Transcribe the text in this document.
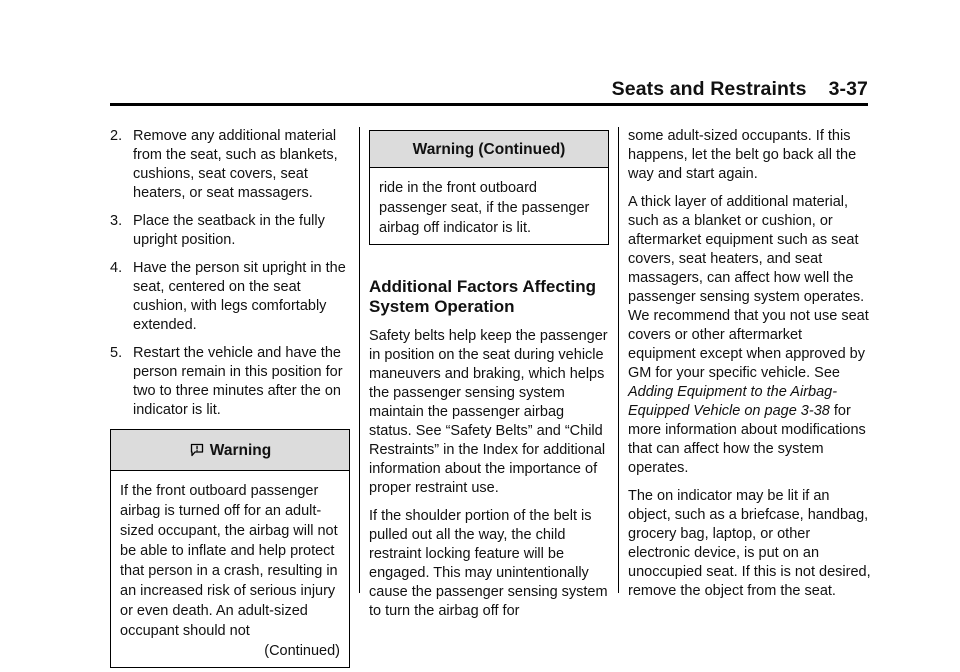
Seats and Restraints 3-37
2. Remove any additional material from the seat, such as blankets, cushions, seat covers, seat heaters, or seat massagers.
3. Place the seatback in the fully upright position.
4. Have the person sit upright in the seat, centered on the seat cushion, with legs comfortably extended.
5. Restart the vehicle and have the person remain in this position for two to three minutes after the on indicator is lit.
Warning
If the front outboard passenger airbag is turned off for an adult-sized occupant, the airbag will not be able to inflate and help protect that person in a crash, resulting in an increased risk of serious injury or even death. An adult-sized occupant should not
(Continued)
Warning (Continued)
ride in the front outboard passenger seat, if the passenger airbag off indicator is lit.
Additional Factors Affecting System Operation

Safety belts help keep the passenger in position on the seat during vehicle maneuvers and braking, which helps the passenger sensing system maintain the passenger airbag status. See “Safety Belts” and “Child Restraints” in the Index for additional information about the importance of proper restraint use.

If the shoulder portion of the belt is pulled out all the way, the child restraint locking feature will be engaged. This may unintentionally cause the passenger sensing system to turn the airbag off for

some adult-sized occupants. If this happens, let the belt go back all the way and start again.

A thick layer of additional material, such as a blanket or cushion, or aftermarket equipment such as seat covers, seat heaters, and seat massagers, can affect how well the passenger sensing system operates. We recommend that you not use seat covers or other aftermarket equipment except when approved by GM for your specific vehicle. See Adding Equipment to the Airbag-Equipped Vehicle on page 3-38 for more information about modifications that can affect how the system operates.

The on indicator may be lit if an object, such as a briefcase, handbag, grocery bag, laptop, or other electronic device, is put on an unoccupied seat. If this is not desired, remove the object from the seat.
